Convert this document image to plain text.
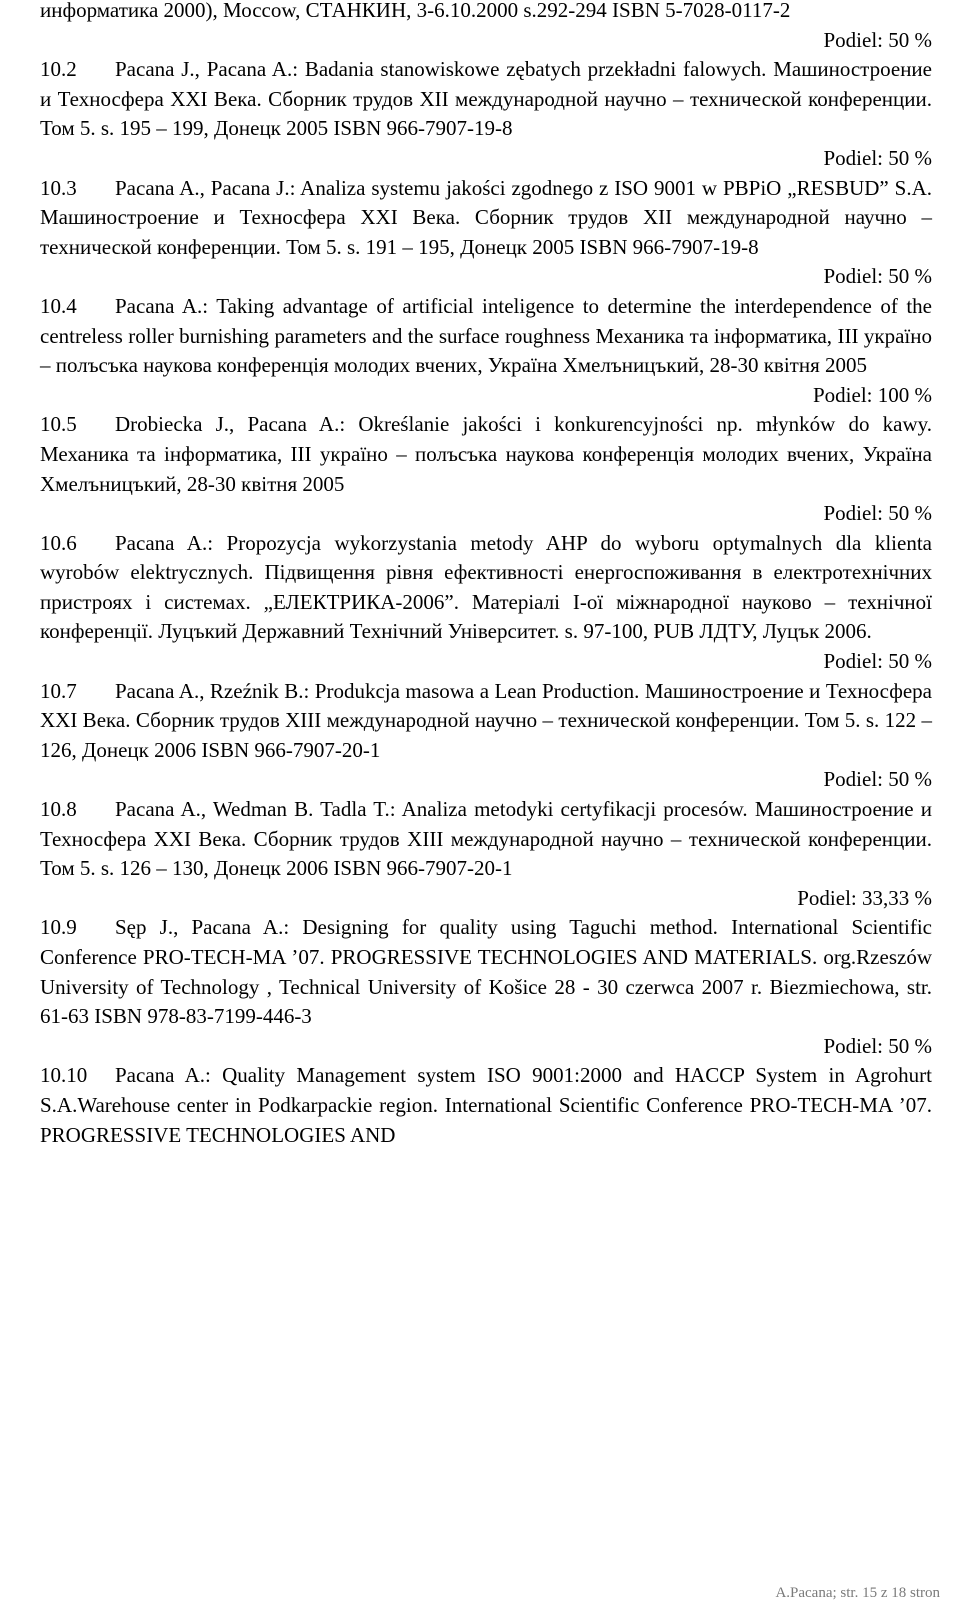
информатика 2000), Моссоw, СТАНКИН, 3-6.10.2000 s.292-294 ISBN 5-7028-0117-2
Podiel: 50 %
10.2 Pacana J., Pacana A.: Badania stanowiskowe zębatych przekładni falowych. Машиностроение и Техносфера XXI Века. Сборник трудов XII международной научно – технической конференции. Том 5. s. 195 – 199, Донецк 2005 ISBN 966-7907-19-8
Podiel: 50 %
10.3 Pacana A., Pacana J.: Analiza systemu jakości zgodnego z ISO 9001 w PBPiO „RESBUD” S.A. Машиностроение и Техносфера XXI Века. Сборник трудов XII международной научно – технической конференции. Том 5. s. 191 – 195, Донецк 2005 ISBN 966-7907-19-8
Podiel: 50 %
10.4 Pacana A.: Taking advantage of artificial inteligence to determine the interdependence of the centreless roller burnishing parameters and the surface roughness Механика та інформатика, III україно – полъсъка наукова конференція молодих вчених, Україна Хмелъницъкий, 28-30 квітня 2005
Podiel: 100 %
10.5 Drobiecka J., Pacana A.: Określanie jakości i konkurencyjności np. młynków do kawy. Механика та інформатика, III україно – полъсъка наукова конференція молодих вчених, Україна Хмелъницъкий, 28-30 квітня 2005
Podiel: 50 %
10.6 Pacana A.: Propozycja wykorzystania metody AHP do wyboru optymalnych dla klienta wyrobów elektrycznych. Підвищення рівня ефективності енергоспоживання в електротехнічних пристроях і системах. „ЕЛЕКТРИКА-2006”. Матеріалі I-oï міжнародної науково – технічної конференції. Луцъкий Державний Технічний Університет. s. 97-100, PUB ЛДТУ, Луцък 2006.
Podiel: 50 %
10.7 Pacana A., Rzeźnik B.: Produkcja masowa a Lean Production. Машиностроение и Техносфера XXI Века. Сборник трудов XIII международной научно – технической конференции. Том 5. s. 122 – 126, Донецк 2006 ISBN 966-7907-20-1
Podiel: 50 %
10.8 Pacana A., Wedman B. Tadla T.: Analiza metodyki certyfikacji procesów. Машиностроение и Техносфера XXI Века. Сборник трудов XIII международной научно – технической конференции. Том 5. s. 126 – 130, Донецк 2006 ISBN 966-7907-20-1
Podiel: 33,33 %
10.9 Sęp J., Pacana A.: Designing for quality using Taguchi method. International Scientific Conference PRO-TECH-MA ’07. PROGRESSIVE TECHNOLOGIES AND MATERIALS. org.Rzeszów University of Technology , Technical University of Košice 28 - 30 czerwca 2007 r. Biezmiechowa, str. 61-63 ISBN 978-83-7199-446-3
Podiel: 50 %
10.10 Pacana A.: Quality Management system ISO 9001:2000 and HACCP System in Agrohurt S.A.Warehouse center in Podkarpackie region. International Scientific Conference PRO-TECH-MA ’07. PROGRESSIVE TECHNOLOGIES AND
A.Pacana; str. 15 z 18 stron
